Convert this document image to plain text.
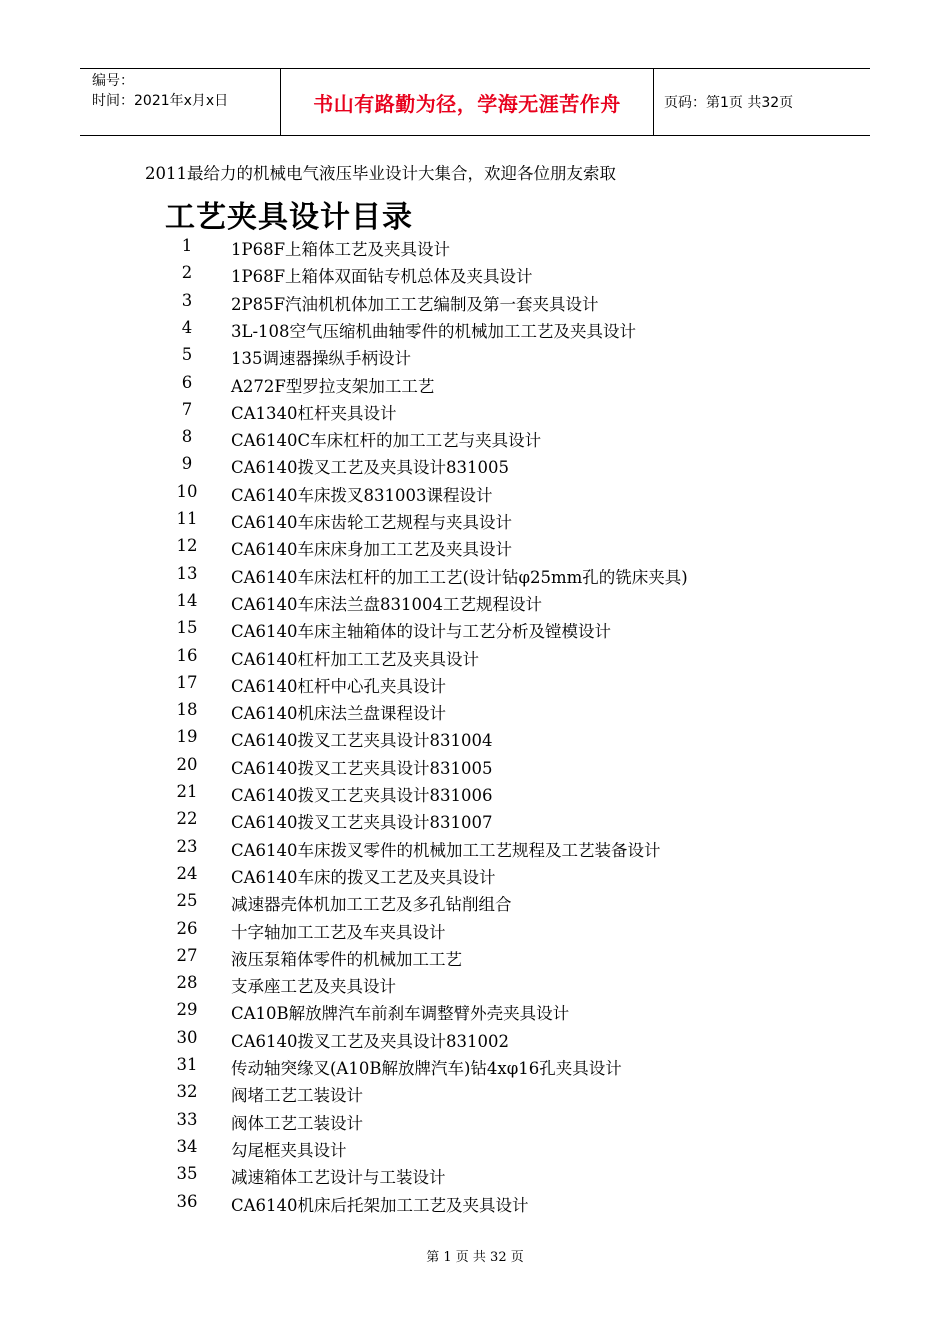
编号：
时间：2021年x月x日	书山有路勤为径，学海无涯苦作舟	页码：第1页 共32页
2011最给力的机械电气液压毕业设计大集合，欢迎各位朋友索取
工艺夹具设计目录
1	1P68F上箱体工艺及夹具设计
2	1P68F上箱体双面钻专机总体及夹具设计
3	2P85F汽油机机体加工工艺编制及第一套夹具设计
4	3L-108空气压缩机曲轴零件的机械加工工艺及夹具设计
5	135调速器操纵手柄设计
6	A272F型罗拉支架加工工艺
7	CA1340杠杆夹具设计
8	CA6140C车床杠杆的加工工艺与夹具设计
9	CA6140拨叉工艺及夹具设计831005
10 CA6140车床拨叉831003课程设计
11 CA6140车床齿轮工艺规程与夹具设计
12 CA6140车床床身加工工艺及夹具设计
13 CA6140车床法杠杆的加工工艺(设计钻φ25mm孔的铣床夹具)
14 CA6140车床法兰盘831004工艺规程设计
15 CA6140车床主轴箱体的设计与工艺分析及镗模设计
16 CA6140杠杆加工工艺及夹具设计
17 CA6140杠杆中心孔夹具设计
18 CA6140机床法兰盘课程设计
19 CA6140拨叉工艺夹具设计831004
20 CA6140拨叉工艺夹具设计831005
21 CA6140拨叉工艺夹具设计831006
22 CA6140拨叉工艺夹具设计831007
23 CA6140车床拨叉零件的机械加工工艺规程及工艺装备设计
24 CA6140车床的拨叉工艺及夹具设计
25 减速器壳体机加工工艺及多孔钻削组合
26 十字轴加工工艺及车夹具设计
27 液压泵箱体零件的机械加工工艺
28 支承座工艺及夹具设计
29 CA10B解放牌汽车前刹车调整臂外壳夹具设计
30 CA6140拨叉工艺及夹具设计831002
31 传动轴突缘叉(A10B解放牌汽车)钻4xφ16孔夹具设计
32 阀堵工艺工装设计
33 阀体工艺工装设计
34 勾尾框夹具设计
35 减速箱体工艺设计与工装设计
36 CA6140机床后托架加工工艺及夹具设计
第 1 页 共 32 页
